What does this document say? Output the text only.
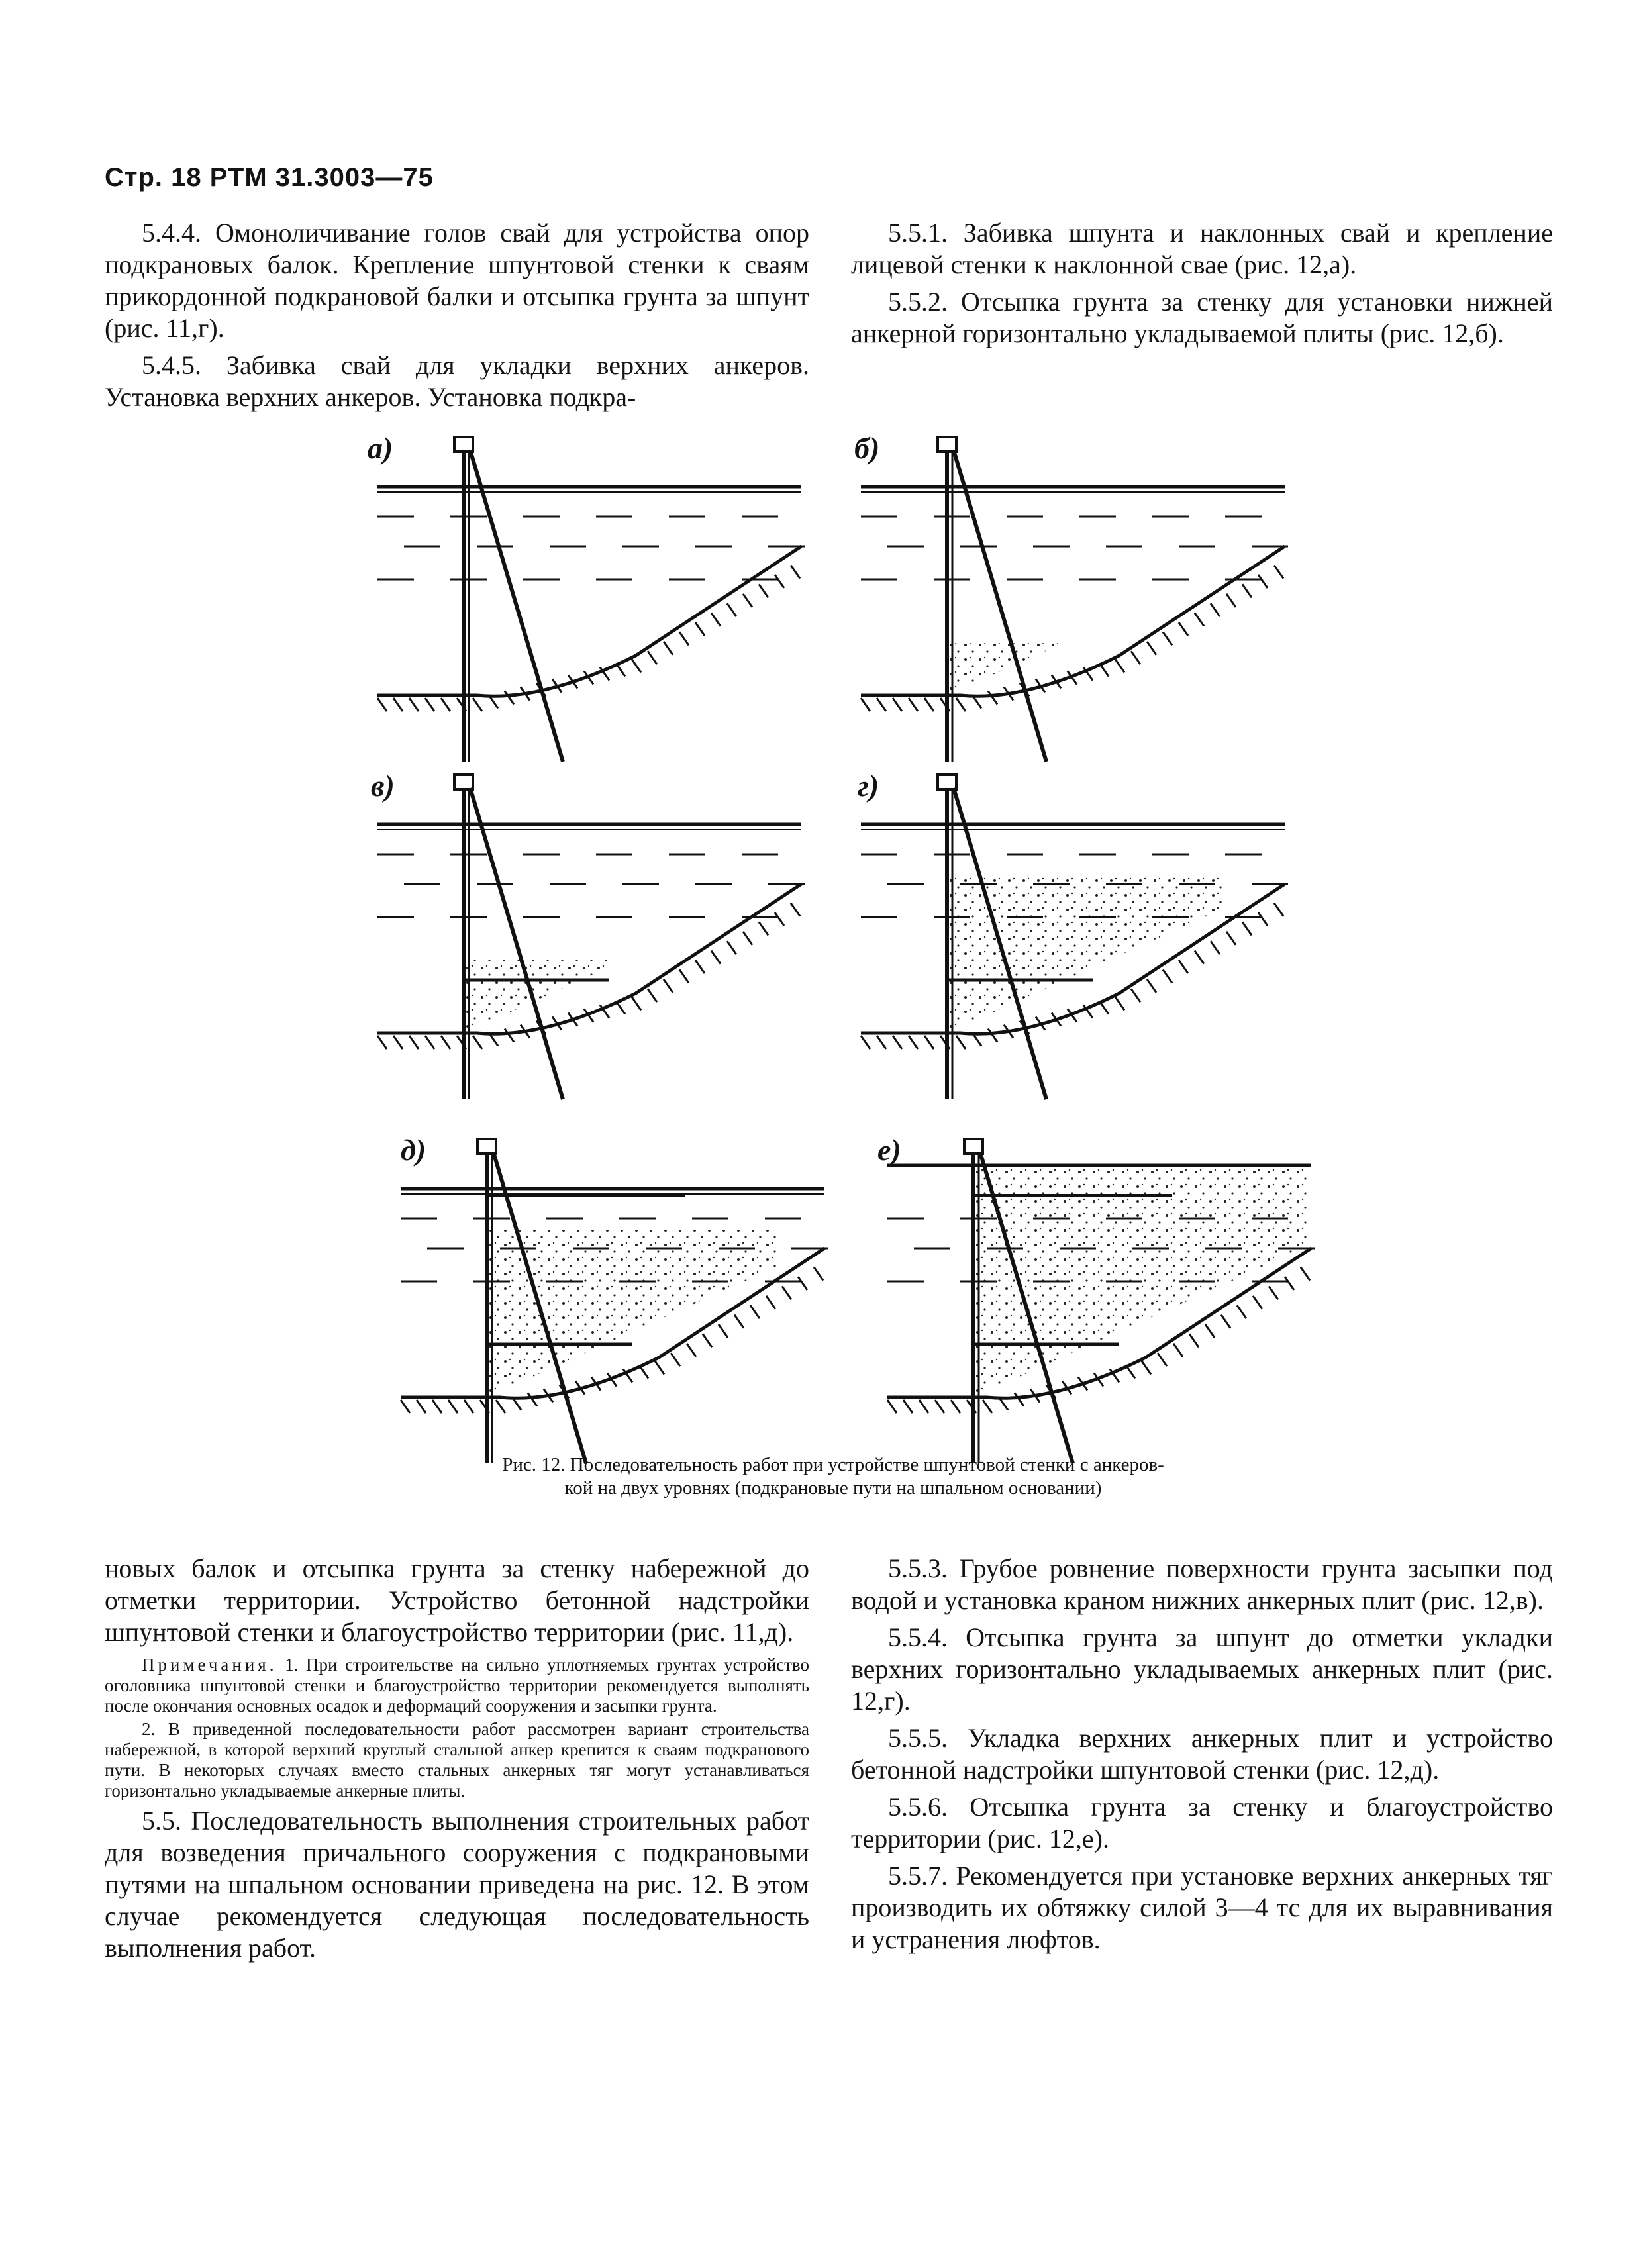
Стр. 18 РТМ 31.3003—75

5.4.4. Омоноличивание голов свай для устройства опор подкрановых балок. Крепление шпунтовой стенки к сваям прикордонной подкрановой балки и отсыпка грунта за шпунт (рис. 11,г).

5.4.5. Забивка свай для укладки верхних анкеров. Установка верхних анкеров. Установка подкра-

5.5.1. Забивка шпунта и наклонных свай и крепление лицевой стенки к наклонной свае (рис. 12,а).

5.5.2. Отсыпка грунта за стенку для установки нижней анкерной горизонтально укладываемой плиты (рис. 12,б).

а)	б)
в)	г)
д)	е)
Рис. 12. Последовательность работ при устройстве шпунтовой стенки с анкеров-
кой на двух уровнях (подкрановые пути на шпальном основании)

новых балок и отсыпка грунта за стенку набережной до отметки территории. Устройство бетонной надстройки шпунтовой стенки и благоустройство территории (рис. 11,д).

Примечания. 1. При строительстве на сильно уплотняемых грунтах устройство оголовника шпунтовой стенки и благоустройство территории рекомендуется выполнять после окончания основных осадок и деформаций сооружения и засыпки грунта.

2. В приведенной последовательности работ рассмотрен вариант строительства набережной, в которой верхний круглый стальной анкер крепится к сваям подкранового пути. В некоторых случаях вместо стальных анкерных тяг могут устанавливаться горизонтально укладываемые анкерные плиты.

5.5. Последовательность выполнения строительных работ для возведения причального сооружения с подкрановыми путями на шпальном основании приведена на рис. 12. В этом случае рекомендуется следующая последовательность выполнения работ.

5.5.3. Грубое ровнение поверхности грунта засыпки под водой и установка краном нижних анкерных плит (рис. 12,в).

5.5.4. Отсыпка грунта за шпунт до отметки укладки верхних горизонтально укладываемых анкерных плит (рис. 12,г).

5.5.5. Укладка верхних анкерных плит и устройство бетонной надстройки шпунтовой стенки (рис. 12,д).

5.5.6. Отсыпка грунта за стенку и благоустройство территории (рис. 12,е).

5.5.7. Рекомендуется при установке верхних анкерных тяг производить их обтяжку силой 3—4 тс для их выравнивания и устранения люфтов.
